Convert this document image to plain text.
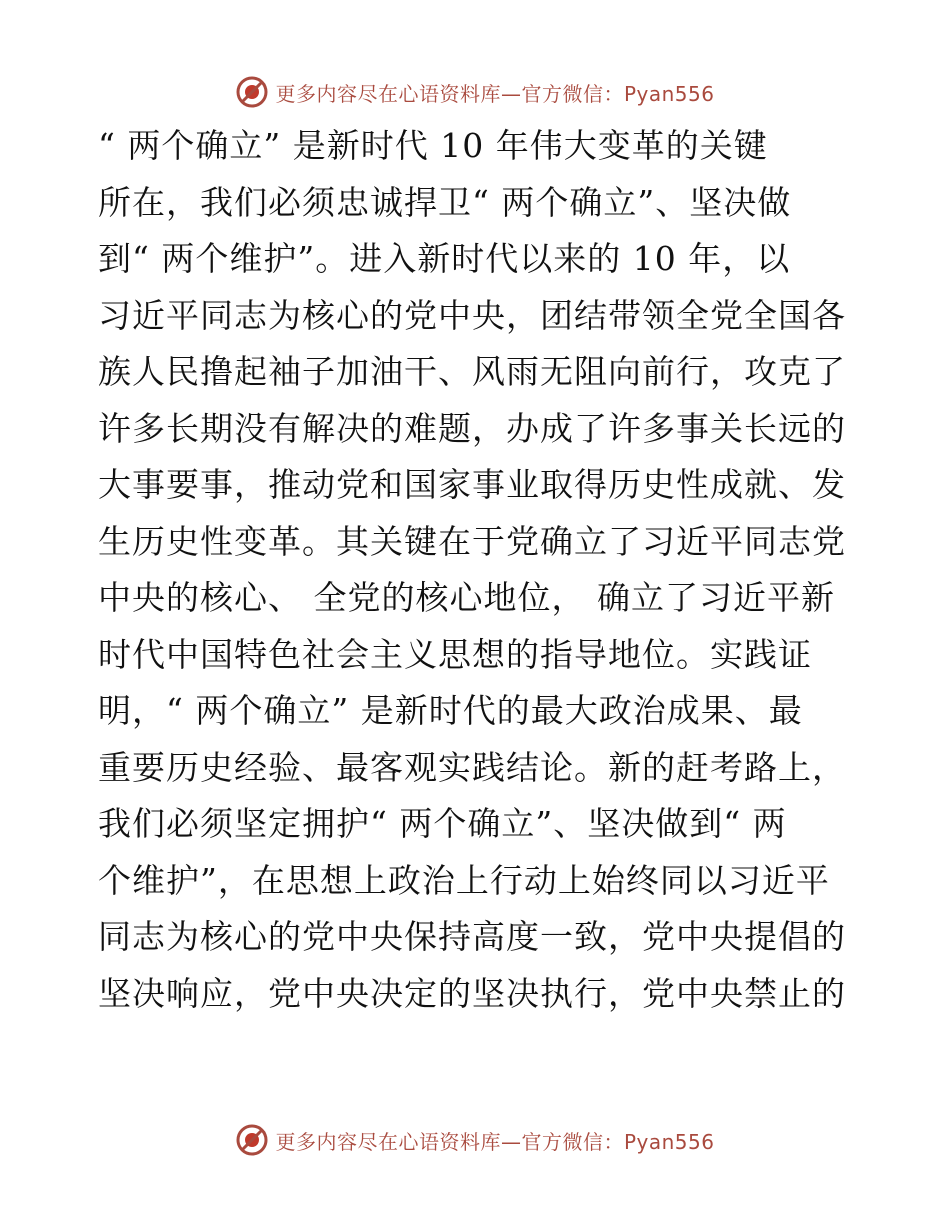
更多内容尽在心语资料库—官方微信：Pyan556
“ 两个确立” 是新时代 10 年伟大变革的关键
所在，我们必须忠诚捍卫“ 两个确立”、坚决做
到“ 两个维护”。进入新时代以来的 10 年，以
习近平同志为核心的党中央，团结带领全党全国各
族人民撸起袖子加油干、风雨无阻向前行，攻克了
许多长期没有解决的难题，办成了许多事关长远的
大事要事，推动党和国家事业取得历史性成就、发
生历史性变革。其关键在于党确立了习近平同志党
中央的核心、 全党的核心地位， 确立了习近平新
时代中国特色社会主义思想的指导地位。实践证
明，“ 两个确立” 是新时代的最大政治成果、最
重要历史经验、最客观实践结论。新的赶考路上，
我们必须坚定拥护“ 两个确立”、坚决做到“ 两
个维护”，在思想上政治上行动上始终同以习近平
同志为核心的党中央保持高度一致，党中央提倡的
坚决响应，党中央决定的坚决执行，党中央禁止的
更多内容尽在心语资料库—官方微信：Pyan556
